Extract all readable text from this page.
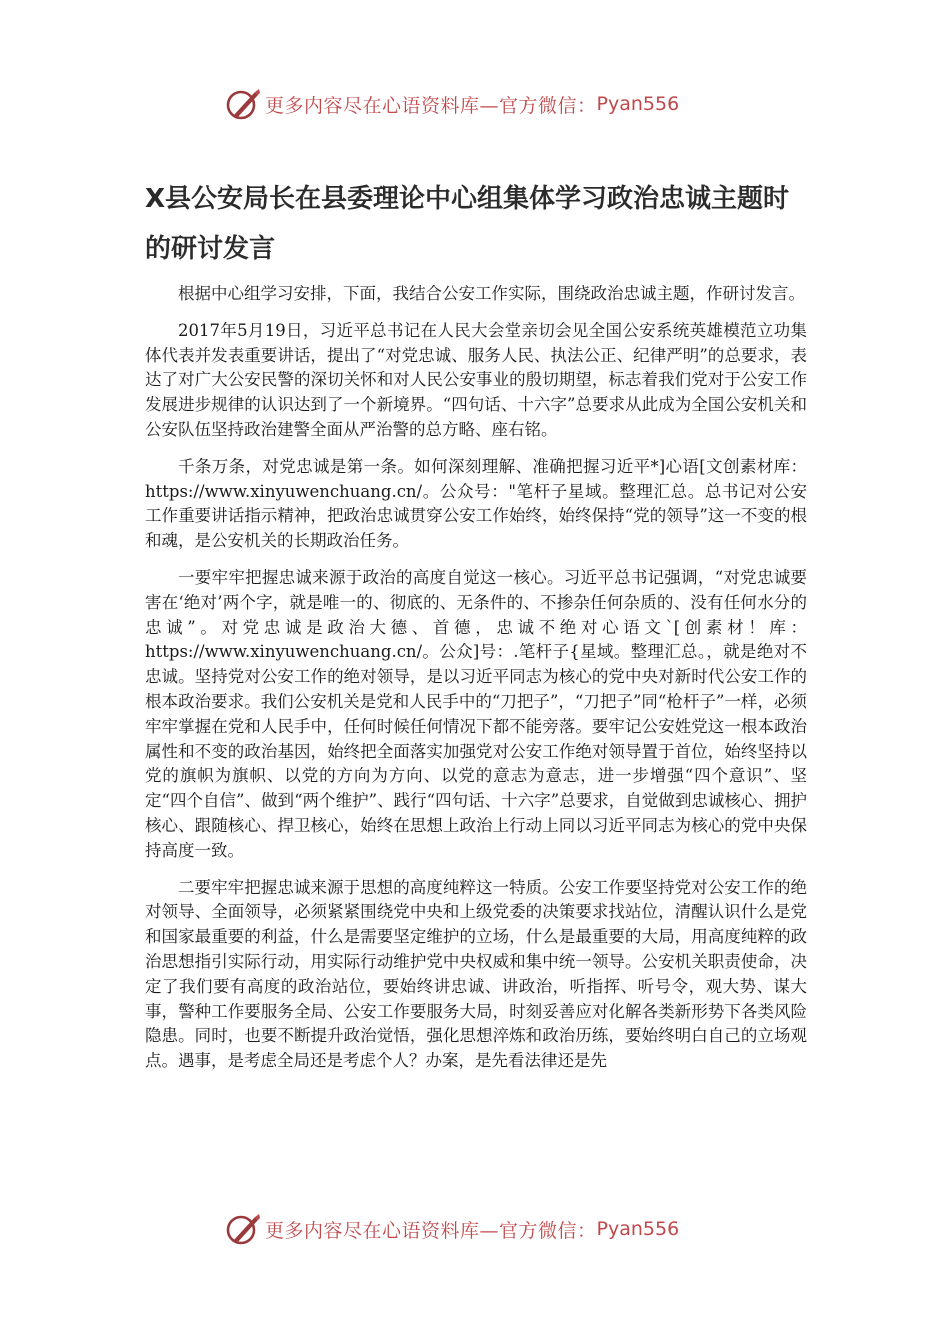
更多内容尽在心语资料库—官方微信： Pyan556
X县公安局长在县委理论中心组集体学习政治忠诚主题时的研讨发言

根据中心组学习安排，下面，我结合公安工作实际，围绕政治忠诚主题，作研讨发言。

2017年5月19日，习近平总书记在人民大会堂亲切会见全国公安系统英雄模范立功集体代表并发表重要讲话，提出了“对党忠诚、服务人民、执法公正、纪律严明”的总要求，表达了对广大公安民警的深切关怀和对人民公安事业的殷切期望，标志着我们党对于公安工作发展进步规律的认识达到了一个新境界。“四句话、十六字”总要求从此成为全国公安机关和公安队伍坚持政治建警全面从严治警的总方略、座右铭。

千条万条，对党忠诚是第一条。如何深刻理解、准确把握习近平*]心语[文创素材库：https://www.xinyuwenchuang.cn/。公众号："笔杆子星域。整理汇总。总书记对公安工作重要讲话指示精神，把政治忠诚贯穿公安工作始终，始终保持“党的领导”这一不变的根和魂，是公安机关的长期政治任务。

一要牢牢把握忠诚来源于政治的高度自觉这一核心。习近平总书记强调，“对党忠诚要害在‘绝对’两个字，就是唯一的、彻底的、无条件的、不掺杂任何杂质的、没有任何水分的忠诚”。对党忠诚是政治大德、首德，忠诚不绝对心语文`[创素材！库：https://www.xinyuwenchuang.cn/。公众]号：.笔杆子{星域。整理汇总。，就是绝对不忠诚。坚持党对公安工作的绝对领导，是以习近平同志为核心的党中央对新时代公安工作的根本政治要求。我们公安机关是党和人民手中的“刀把子”，“刀把子”同“枪杆子”一样，必须牢牢掌握在党和人民手中，任何时候任何情况下都不能旁落。要牢记公安姓党这一根本政治属性和不变的政治基因，始终把全面落实加强党对公安工作绝对领导置于首位，始终坚持以党的旗帜为旗帜、以党的方向为方向、以党的意志为意志，进一步增强“四个意识”、坚定“四个自信”、做到“两个维护”、践行“四句话、十六字”总要求，自觉做到忠诚核心、拥护核心、跟随核心、捍卫核心，始终在思想上政治上行动上同以习近平同志为核心的党中央保持高度一致。

二要牢牢把握忠诚来源于思想的高度纯粹这一特质。公安工作要坚持党对公安工作的绝对领导、全面领导，必须紧紧围绕党中央和上级党委的决策要求找站位，清醒认识什么是党和国家最重要的利益，什么是需要坚定维护的立场，什么是最重要的大局，用高度纯粹的政治思想指引实际行动，用实际行动维护党中央权威和集中统一领导。公安机关职责使命，决定了我们要有高度的政治站位，要始终讲忠诚、讲政治，听指挥、听号令，观大势、谋大事，警种工作要服务全局、公安工作要服务大局，时刻妥善应对化解各类新形势下各类风险隐患。同时，也要不断提升政治觉悟，强化思想淬炼和政治历练，要始终明白自己的立场观点。遇事，是考虑全局还是考虑个人？办案，是先看法律还是先

更多内容尽在心语资料库—官方微信： Pyan556
